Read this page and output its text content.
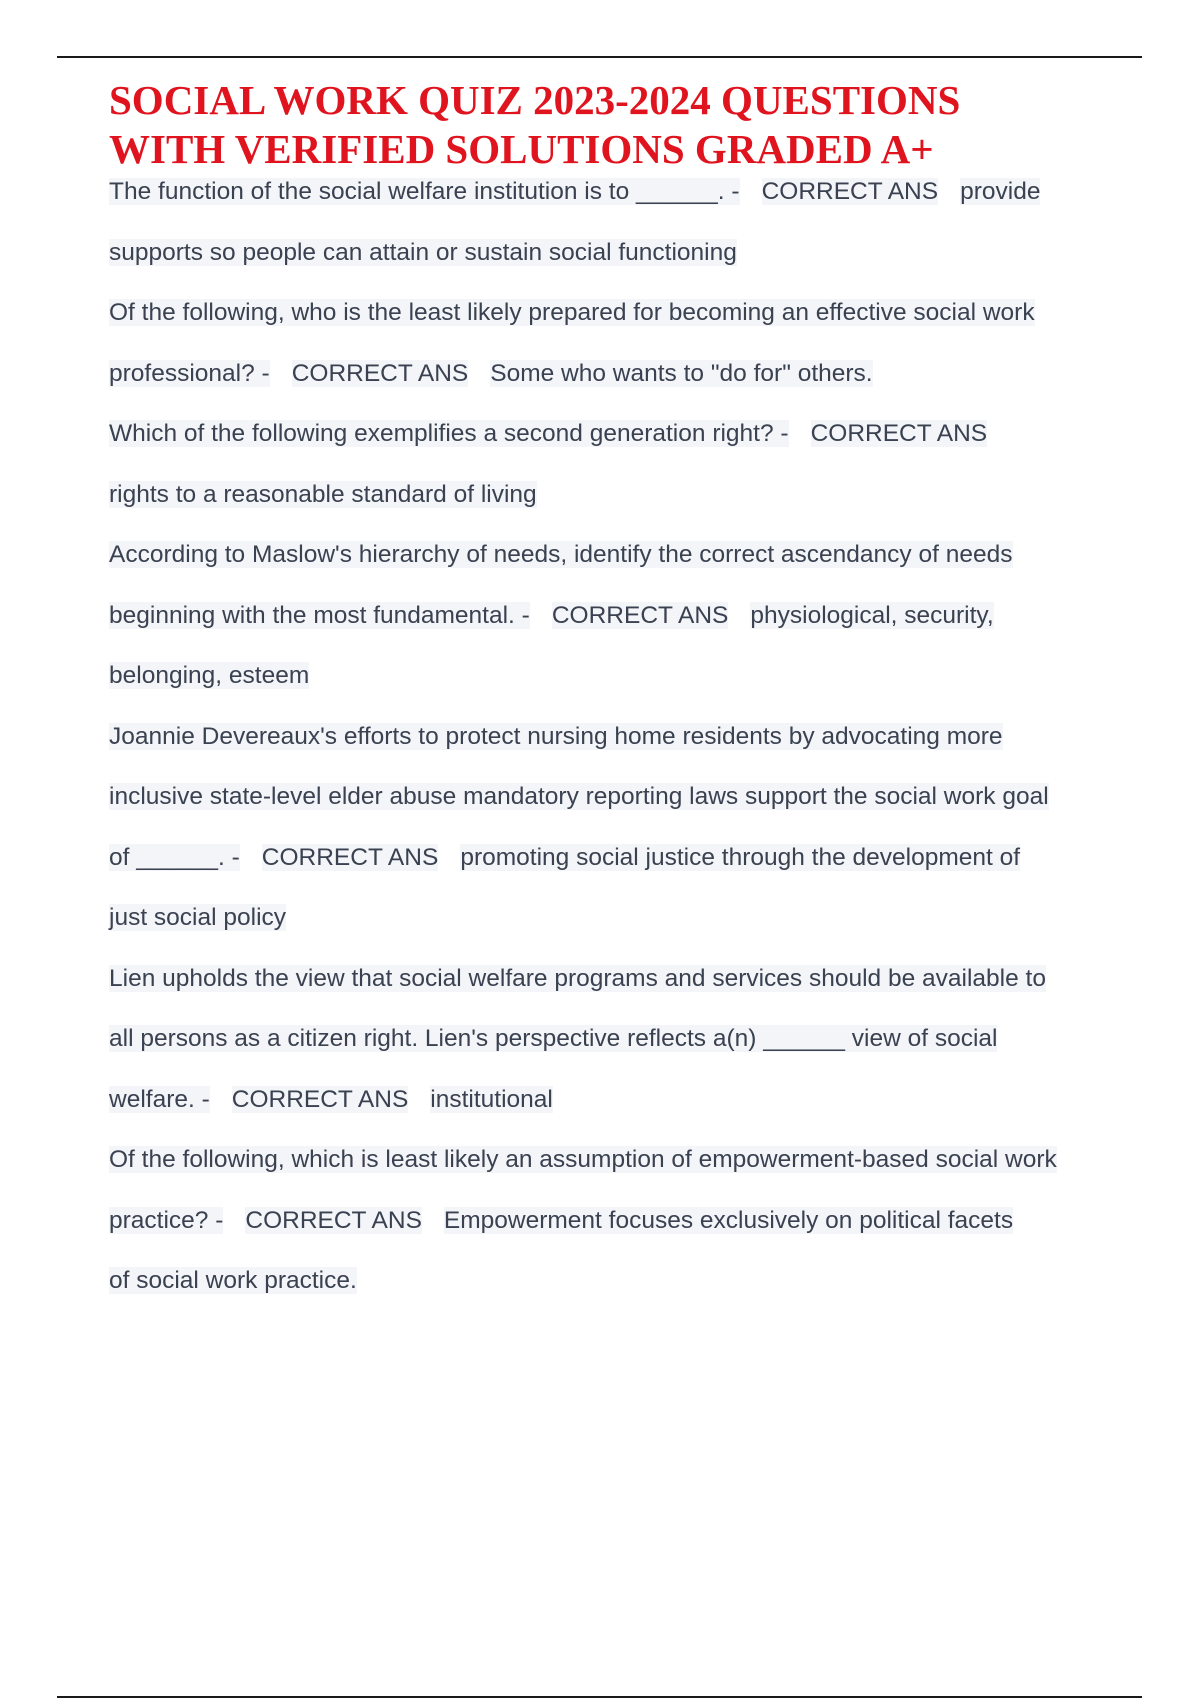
SOCIAL WORK QUIZ 2023-2024 QUESTIONS
WITH VERIFIED SOLUTIONS GRADED A+
The function of the social welfare institution is to ______. - CORRECT ANS provide
supports so people can attain or sustain social functioning
Of the following, who is the least likely prepared for becoming an effective social work
professional? - CORRECT ANS Some who wants to "do for" others.
Which of the following exemplifies a second generation right? - CORRECT ANS
rights to a reasonable standard of living
According to Maslow's hierarchy of needs, identify the correct ascendancy of needs
beginning with the most fundamental. - CORRECT ANS physiological, security,
belonging, esteem
Joannie Devereaux's efforts to protect nursing home residents by advocating more
inclusive state-level elder abuse mandatory reporting laws support the social work goal
of ______. - CORRECT ANS promoting social justice through the development of
just social policy
Lien upholds the view that social welfare programs and services should be available to
all persons as a citizen right. Lien's perspective reflects a(n) ______ view of social
welfare. - CORRECT ANS institutional
Of the following, which is least likely an assumption of empowerment-based social work
practice? - CORRECT ANS Empowerment focuses exclusively on political facets
of social work practice.
